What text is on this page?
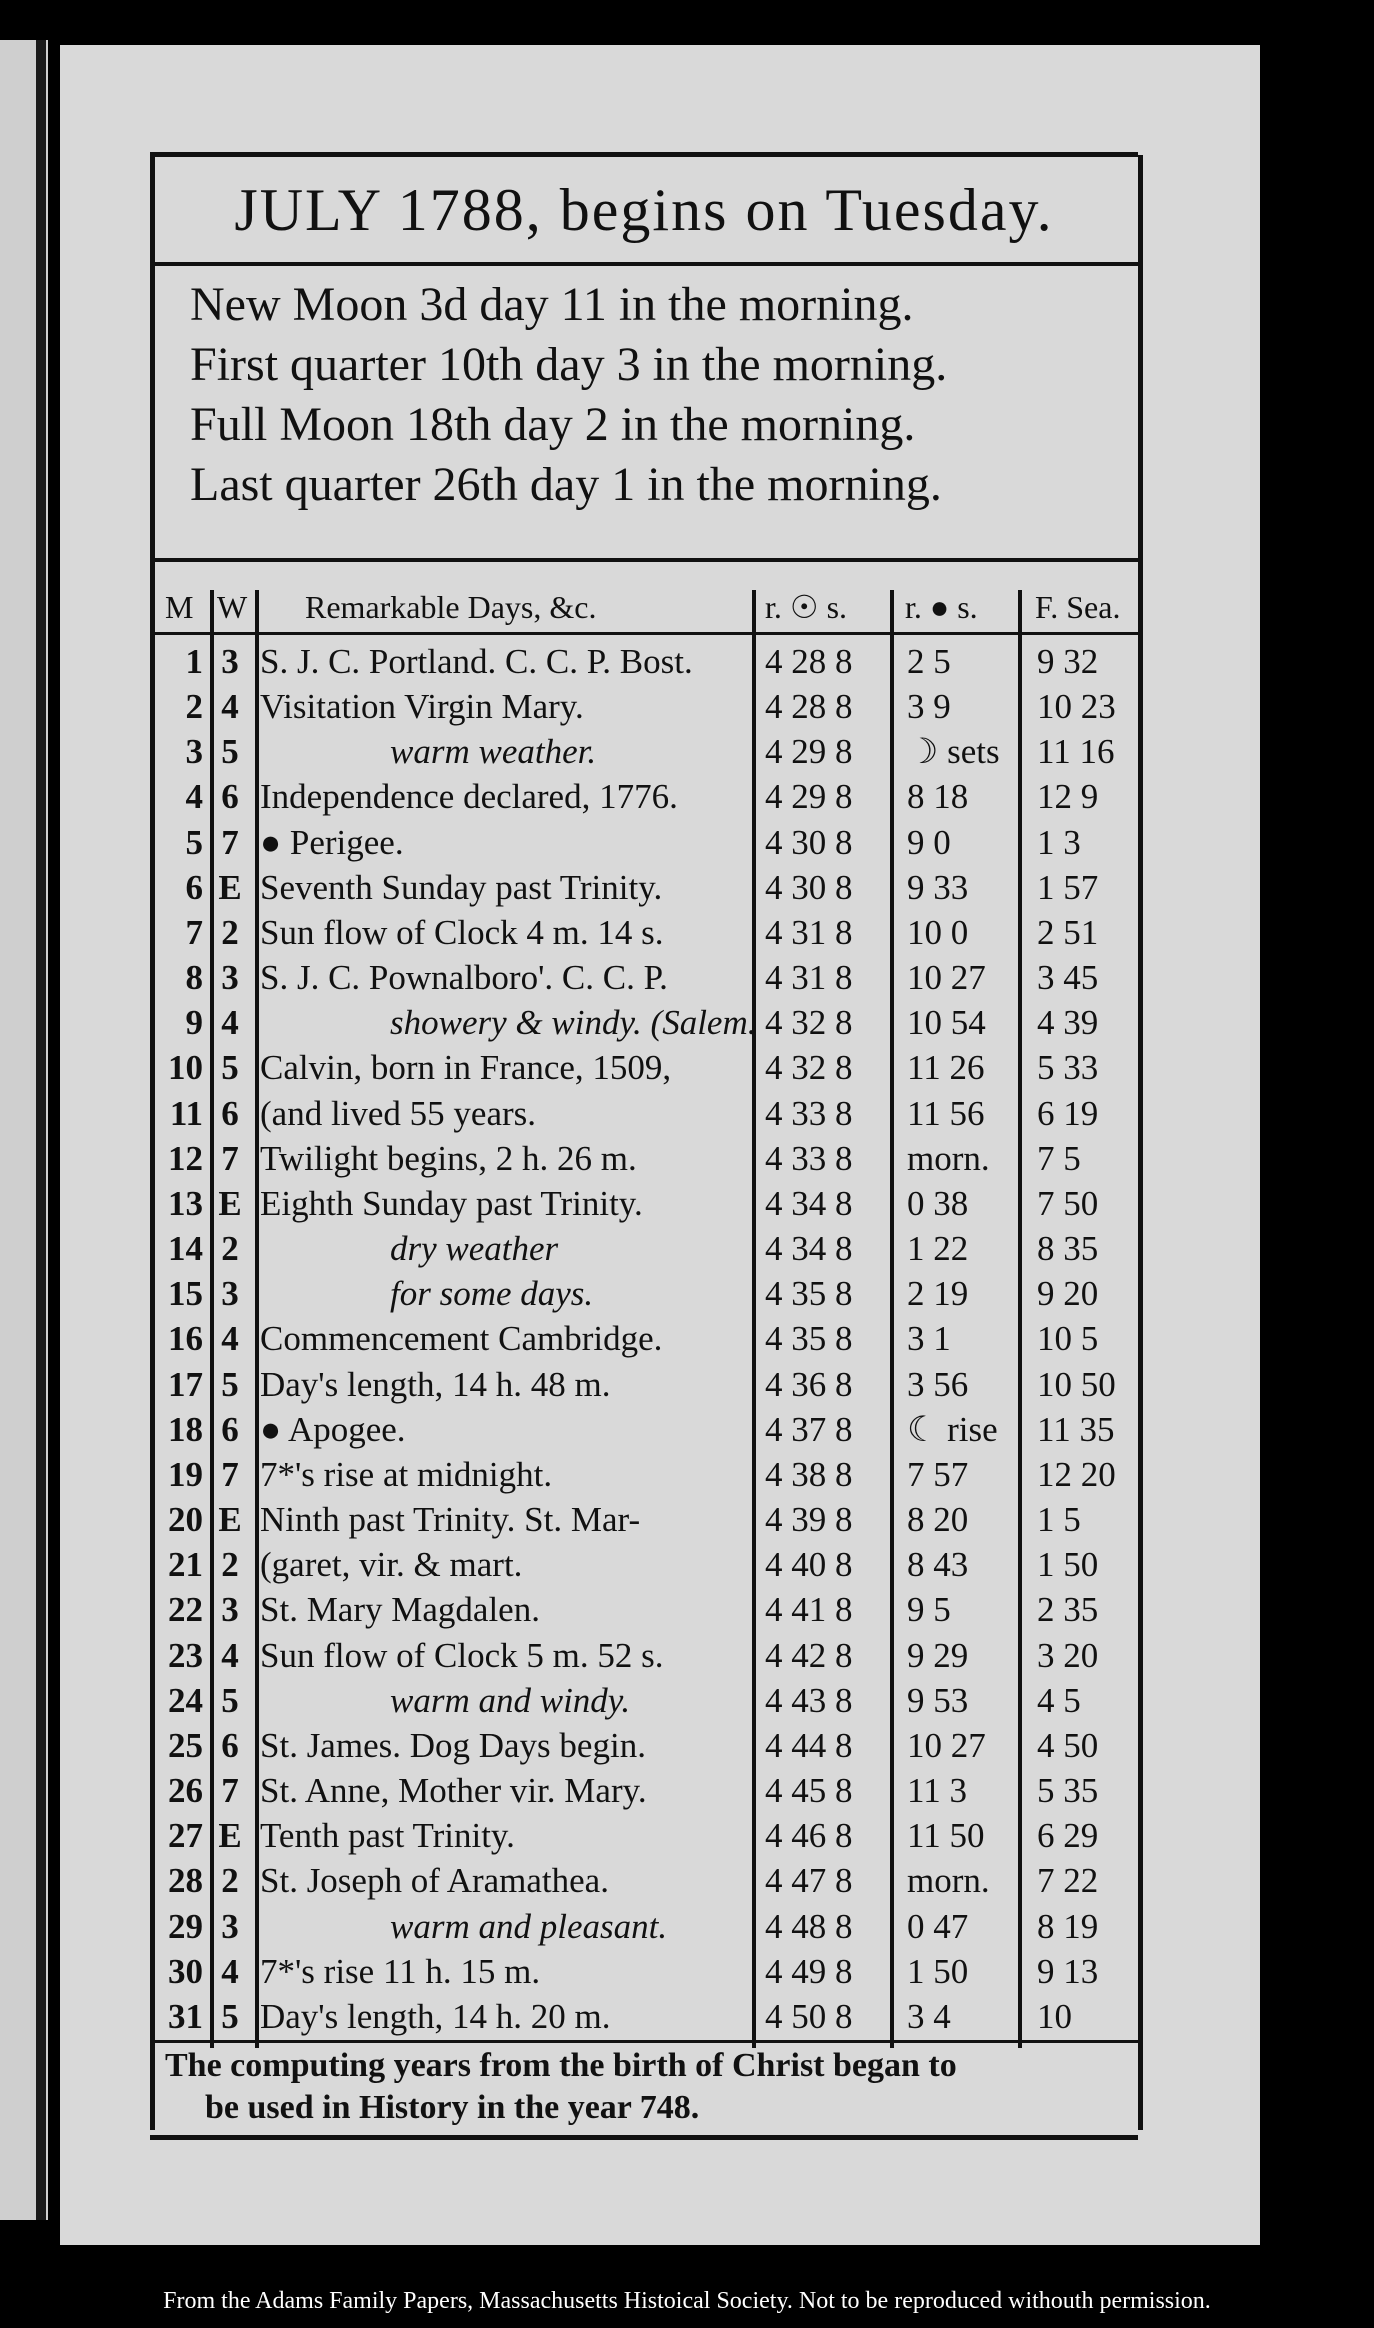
JULY 1788, begins on Tuesday.
New Moon 3d day 11 in the morning.
First quarter 10th day 3 in the morning.
Full Moon 18th day 2 in the morning.
Last quarter 26th day 1 in the morning.
M W Remarkable Days, &c.	r. ☉ s. r. ● s. F. Sea.
1 3 S. J. C. Portland. C. C. P. Bost.	4 28 8	2 5	9 32
2 4 Visitation Virgin Mary.	4 28 8	3 9	10 23
3 5	warm weather.	4 29 8	☽ sets	11 16
4 6 Independence declared, 1776.	4 29 8	8 18	12 9
5 7 ● Perigee.	4 30 8	9 0	1 3
6 E Seventh Sunday past Trinity.	4 30 8	9 33	1 57
7 2 Sun flow of Clock 4 m. 14 s.	4 31 8	10 0	2 51
8 3 S. J. C. Pownalboro'. C. C. P.	4 31 8	10 27	3 45
9 4	showery & windy. (Salem. 4 32 8	10 54	4 39
10 5 Calvin, born in France, 1509,	4 32 8	11 26	5 33
11 6 (and lived 55 years.	4 33 8	11 56	6 19
12 7 Twilight begins, 2 h. 26 m.	4 33 8	morn.	7 5
13 E Eighth Sunday past Trinity.	4 34 8	0 38	7 50
14 2	dry weather	4 34 8	1 22	8 35
15 3	for some days.	4 35 8	2 19	9 20
16 4 Commencement Cambridge.	4 35 8	3 1	10 5
17 5 Day's length, 14 h. 48 m.	4 36 8	3 56	10 50
18 6 ● Apogee.	4 37 8	☾ rise	11 35
19 7 7*'s rise at midnight.	4 38 8	7 57	12 20
20 E Ninth past Trinity. St. Mar-	4 39 8	8 20	1 5
21 2 (garet, vir. & mart.	4 40 8	8 43	1 50
22 3 St. Mary Magdalen.	4 41 8	9 5	2 35
23 4 Sun flow of Clock 5 m. 52 s.	4 42 8	9 29	3 20
24 5	warm and windy.	4 43 8	9 53	4 5
25 6 St. James. Dog Days begin.	4 44 8	10 27	4 50
26 7 St. Anne, Mother vir. Mary.	4 45 8	11 3	5 35
27 E Tenth past Trinity.	4 46 8	11 50	6 29
28 2 St. Joseph of Aramathea.	4 47 8	morn.	7 22
29 3	warm and pleasant.	4 48 8	0 47	8 19
30 4 7*'s rise 11 h. 15 m.	4 49 8	1 50	9 13
31 5 Day's length, 14 h. 20 m.	4 50 8	3 4	10
The computing years from the birth of Christ began to
be used in History in the year 748.
From the Adams Family Papers, Massachusetts Histoical Society. Not to be reproduced withouth permission.
